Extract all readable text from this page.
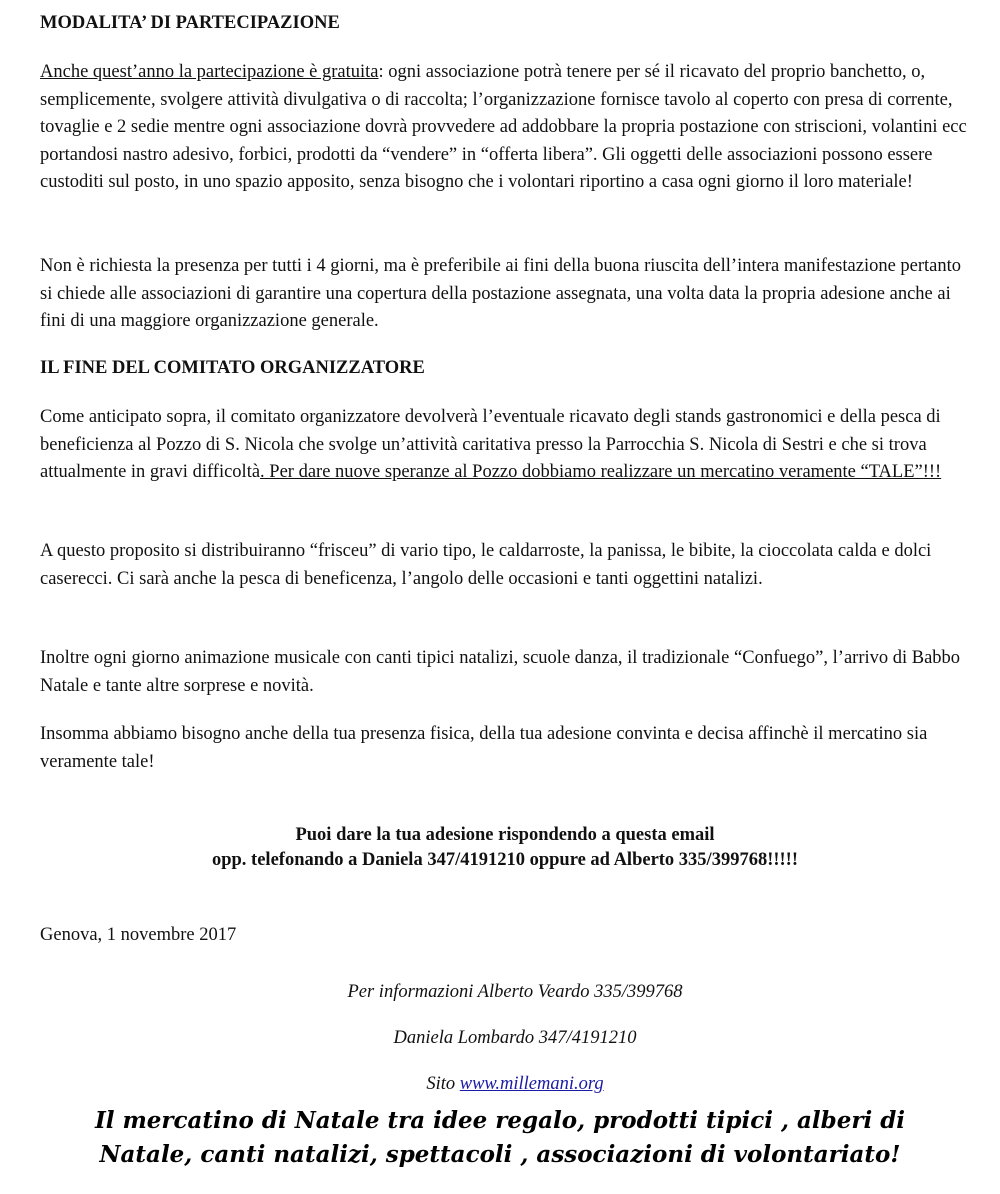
MODALITA’ DI PARTECIPAZIONE

Anche quest’anno la partecipazione è gratuita: ogni associazione potrà tenere per sé il ricavato del proprio banchetto, o, semplicemente, svolgere attività divulgativa o di raccolta; l’organizzazione fornisce tavolo al coperto con presa di corrente, tovaglie e 2 sedie mentre ogni associazione dovrà provvedere ad addobbare la propria postazione con striscioni, volantini ecc portandosi nastro adesivo, forbici, prodotti da “vendere” in “offerta libera”. Gli oggetti delle associazioni possono essere custoditi sul posto, in uno spazio apposito, senza bisogno che i volontari riportino a casa ogni giorno il loro materiale!

Non è richiesta la presenza per tutti i 4 giorni, ma è preferibile ai fini della buona riuscita dell’intera manifestazione pertanto si chiede alle associazioni di garantire una copertura della postazione assegnata, una volta data la propria adesione anche ai fini di una maggiore organizzazione generale.

IL FINE DEL COMITATO ORGANIZZATORE

Come anticipato sopra, il comitato organizzatore devolverà l’eventuale ricavato degli stands gastronomici e della pesca di beneficienza al Pozzo di S. Nicola che svolge un’attività caritativa presso la Parrocchia S. Nicola di Sestri e che si trova attualmente in gravi difficoltà. Per dare nuove speranze al Pozzo dobbiamo realizzare un mercatino veramente “TALE”!!!

A questo proposito si distribuiranno “frisceu” di vario tipo, le caldarroste, la panissa, le bibite, la cioccolata calda e dolci caserecci. Ci sarà anche la pesca di beneficenza, l’angolo delle occasioni e tanti oggettini natalizi.

Inoltre ogni giorno animazione musicale con canti tipici natalizi, scuole danza, il tradizionale “Confuego”, l’arrivo di Babbo Natale e tante altre sorprese e novità.

Insomma abbiamo bisogno anche della tua presenza fisica, della tua adesione convinta e decisa affinchè il mercatino sia veramente tale!

Puoi dare la tua adesione rispondendo a questa email
opp. telefonando a Daniela 347/4191210 oppure ad Alberto 335/399768!!!!!

Genova, 1 novembre 2017

Per informazioni Alberto Veardo 335/399768
Daniela Lombardo 347/4191210
Sito www.millemani.org
Il mercatino di Natale tra idee regalo, prodotti tipici , alberi di
Natale, canti natalizi, spettacoli , associazioni di volontariato!
